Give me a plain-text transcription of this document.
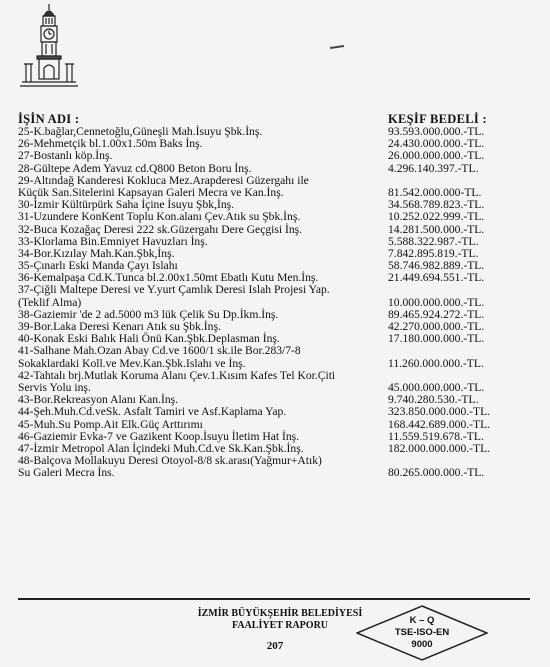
İŞİN ADI :	KEŞİF BEDELİ :
25-K.bağlar,Cennetoğlu,Güneşli Mah.İsuyu Şbk.İnş.	93.593.000.000.-TL.
26-Mehmetçik bl.1.00x1.50m Baks İnş.	24.430.000.000.-TL.
27-Bostanlı köp.İnş.	26.000.000.000.-TL.
28-Gültepe Adem Yavuz cd.Q800 Beton Boru İnş.	4.296.140.397.-TL.
29-Altındağ Kanderesi Kokluca Mez.Arapderesi Güzergahı ile
Küçük San.Sitelerini Kapsayan Galeri Mecra ve Kan.İnş.	81.542.000.000-TL.
30-İzmir Kültürpürk Saha İçine İsuyu Şbk,İnş.	34.568.789.823.-TL.
31-Uzundere KonKent Toplu Kon.alanı Çev.Atık su Şbk.İnş.	10.252.022.999.-TL.
32-Buca Kozağaç Deresi 222 sk.Güzergahı Dere Geçgisi İnş.	14.281.500.000.-TL.
33-Klorlama Bin.Emniyet Havuzları İnş.	5.588.322.987.-TL.
34-Bor.Kızılay Mah.Kan.Şbk,İnş.	7.842.895.819.-TL.
35-Çınarlı Eski Manda Çayı Islahı	58.746.982.889.-TL.
36-Kemalpaşa Cd.K.Tunca bl.2.00x1.50mt Ebatlı Kutu Men.İnş.	21.449.694.551.-TL.
37-Çiğli Maltepe Deresi ve Y.yurt Çamlık Deresi Islah Projesi Yap.
(Teklif Alma)	10.000.000.000.-TL.
38-Gaziemir 'de 2 ad.5000 m3 lük Çelik Su Dp.İkm.İnş.	89.465.924.272.-TL.
39-Bor.Laka Deresi Kenarı Atık su Şbk.İnş.	42.270.000.000.-TL.
40-Konak Eski Balık Hali Önü Kan.Şbk.Deplasman İnş.	17.180.000.000.-TL.
41-Salhane Mah.Ozan Abay Cd.ve 1600/1 sk.ile Bor.283/7-8
Sokaklardaki Koll.ve Mev.Kan.Şbk.Islahı ve İnş.	11.260.000.000.-TL.
42-Tahtalı brj.Mutlak Koruma Alanı Çev.1.Kısım Kafes Tel Kor.Çiti
Servis Yolu inş.	45.000.000.000.-TL.
43-Bor.Rekreasyon Alanı Kan.İnş.	9.740.280.530.-TL.
44-Şeh.Muh.Cd.veSk. Asfalt Tamiri ve Asf.Kaplama Yap.	323.850.000.000.-TL.
45-Muh.Su Pomp.Ait Elk.Güç Arttırımı	168.442.689.000.-TL.
46-Gaziemir Evka-7 ve Gazikent Koop.İsuyu İletim Hat İnş.	11.559.519.678.-TL.
47-İzmir Metropol Alan İçindeki Muh.Cd.ve Sk.Kan.Şbk.İnş.	182.000.000.000.-TL.
48-Balçova Mollakuyu Deresi Otoyol-8/8 sk.arası(Yağmur+Atık)
Su Galeri Mecra İns.	80.265.000.000.-TL.
İZMİR BÜYÜKŞEHİR BELEDİYESİ
FAALİYET RAPORU
207
K – Q
TSE-ISO-EN
9000
